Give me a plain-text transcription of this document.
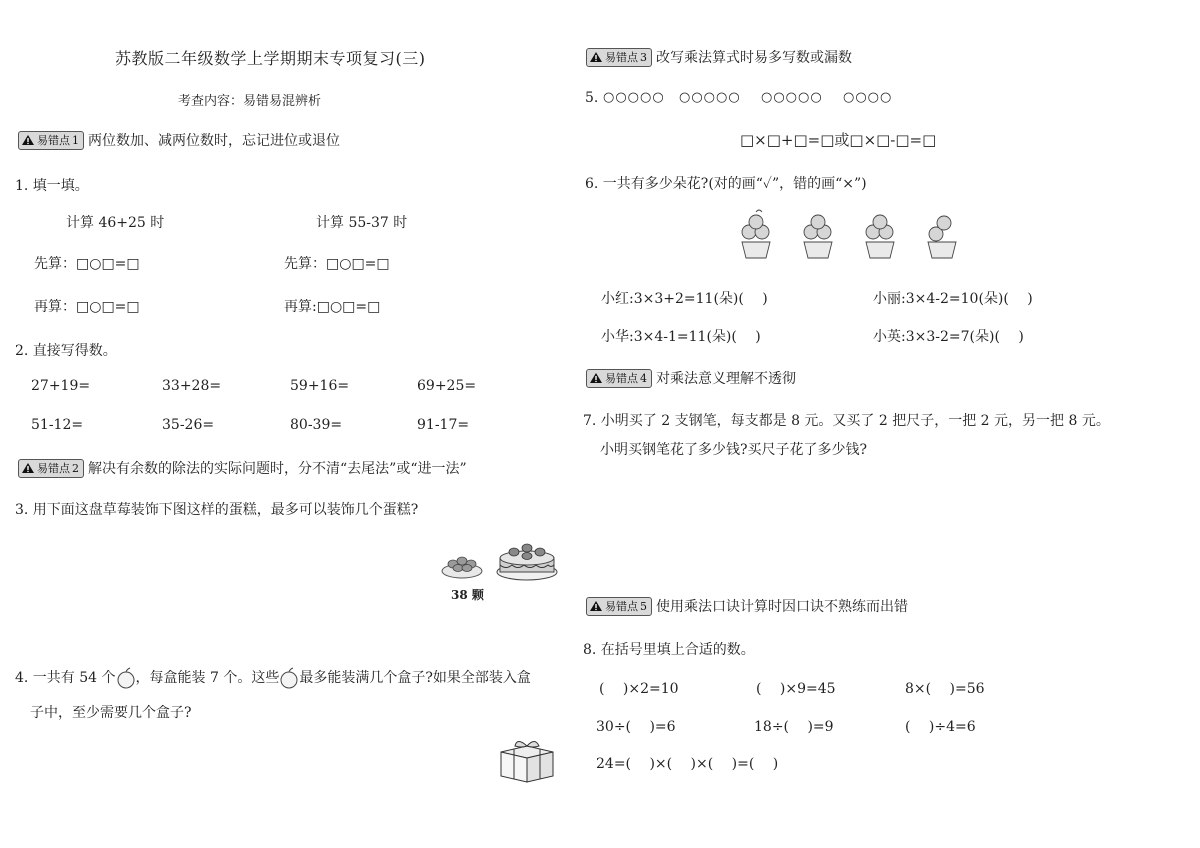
苏教版二年级数学上学期期末专项复习(三)
考查内容：易错易混辨析
易错点 1 两位数加、减两位数时，忘记进位或退位
1. 填一填。
计算 46+25 时	计算 55-37 时
先算：□○□=□	先算：□○□=□
再算：□○□=□	再算:□○□=□
2. 直接写得数。
27+19=	33+28=	59+16=	69+25=
51-12=	35-26=	80-39=	91-17=
易错点 2 解决有余数的除法的实际问题时，分不清“去尾法”或“进一法”
3. 用下面这盘草莓装饰下图这样的蛋糕，最多可以装饰几个蛋糕?
38 颗
4. 一共有 54 个 ，每盒能装 7 个。这些 最多能装满几个盒子?如果全部装入盒
子中，至少需要几个盒子?
易错点 3 改写乘法算式时易多写数或漏数
5. ○○○○○ ○○○○○ ○○○○○ ○○○○
□×□+□=□或□×□-□=□
6. 一共有多少朵花?(对的画“✓”，错的画“×”)
小红:3×3+2=11(朵)(　 )	小丽:3×4-2=10(朵)(　 )
小华:3×4-1=11(朵)(　 )	小英:3×3-2=7(朵)(　 )
易错点 4 对乘法意义理解不透彻
7. 小明买了 2 支钢笔，每支都是 8 元。又买了 2 把尺子，一把 2 元，另一把 8 元。
小明买钢笔花了多少钱?买尺子花了多少钱?
易错点 5 使用乘法口诀计算时因口诀不熟练而出错
8. 在括号里填上合适的数。
(　 )×2=10	(　 )×9=45	8×(　 )=56
30÷(　 )=6	18÷(　 )=9	(　 )÷4=6
24=(　 )×(　 )×(　 )=(　 )
